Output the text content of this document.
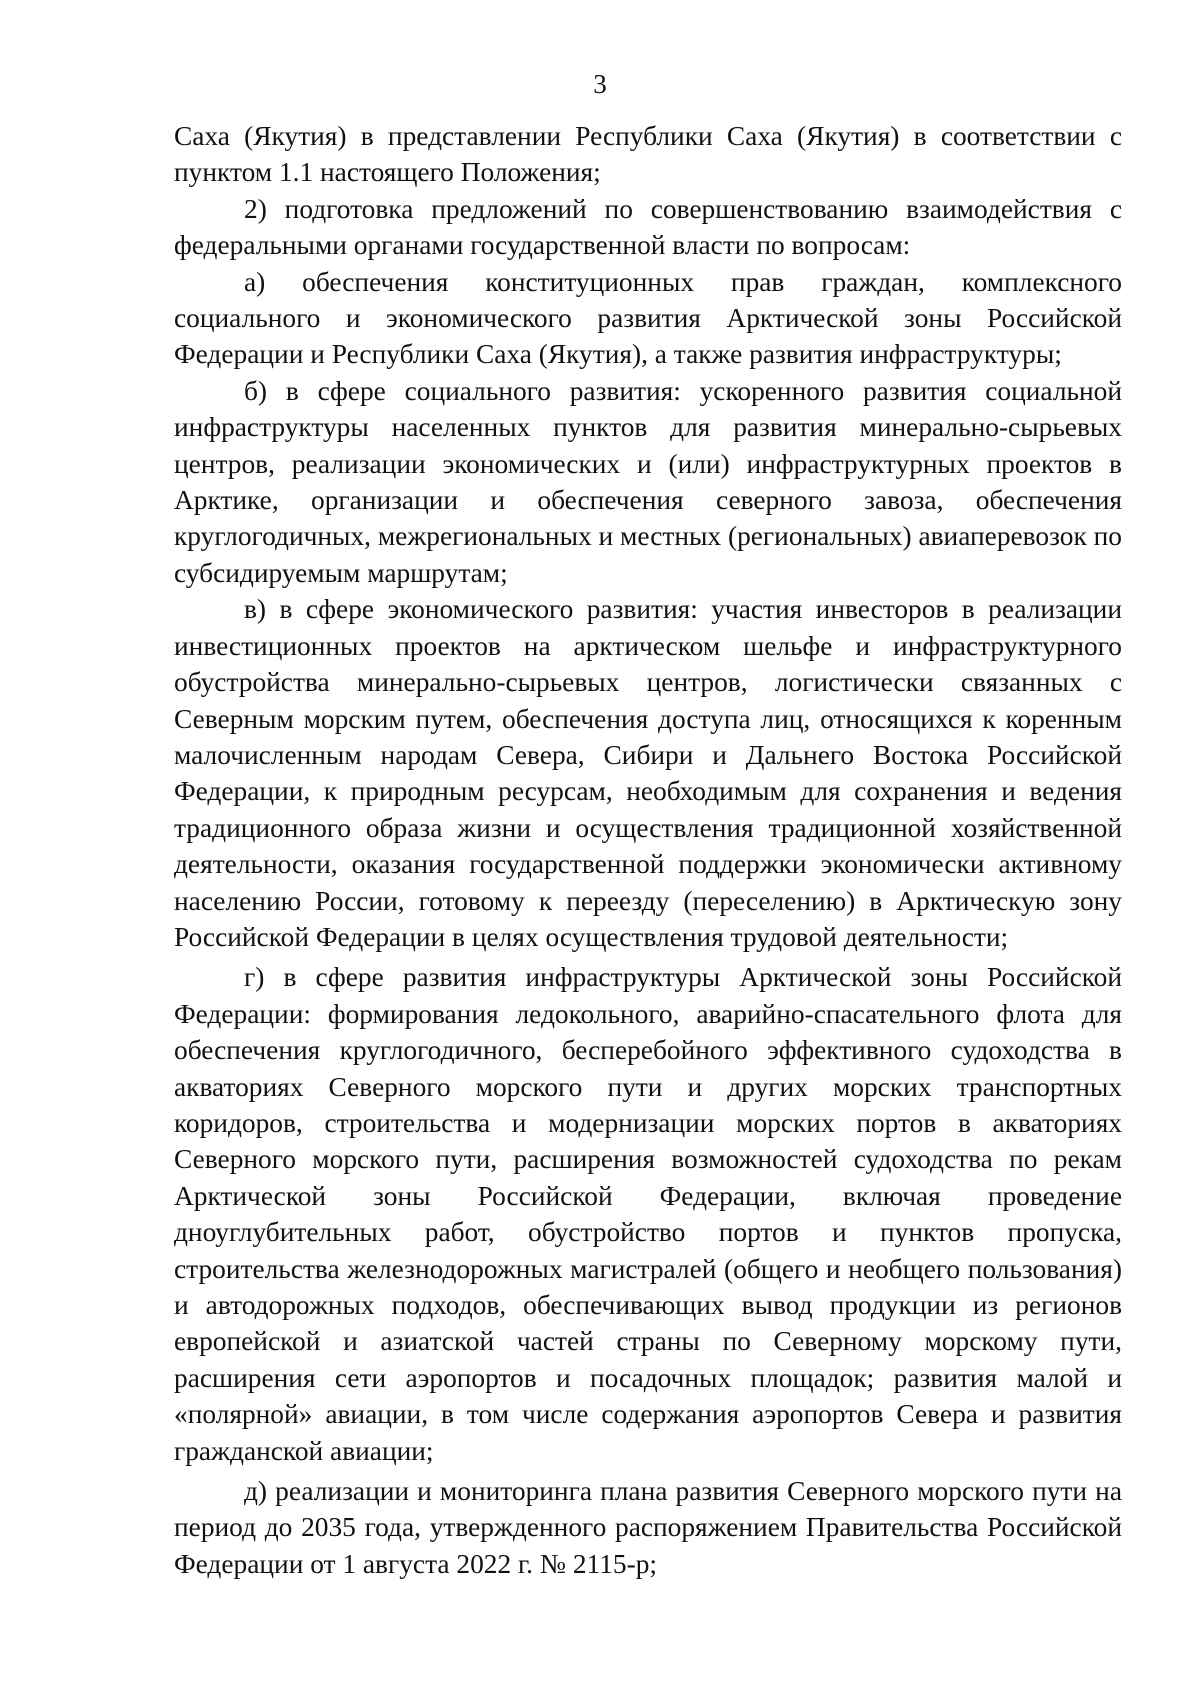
3

Саха (Якутия) в представлении Республики Саха (Якутия) в соответствии с пунктом 1.1 настоящего Положения;

2) подготовка предложений по совершенствованию взаимодействия с федеральными органами государственной власти по вопросам:

а) обеспечения конституционных прав граждан, комплексного социального и экономического развития Арктической зоны Российской Федерации и Республики Саха (Якутия), а также развития инфраструктуры;

б) в сфере социального развития: ускоренного развития социальной инфраструктуры населенных пунктов для развития минерально-сырьевых центров, реализации экономических и (или) инфраструктурных проектов в Арктике, организации и обеспечения северного завоза, обеспечения круглогодичных, межрегиональных и местных (региональных) авиаперевозок по субсидируемым маршрутам;

в) в сфере экономического развития: участия инвесторов в реализации инвестиционных проектов на арктическом шельфе и инфраструктурного обустройства минерально-сырьевых центров, логистически связанных с Северным морским путем, обеспечения доступа лиц, относящихся к коренным малочисленным народам Севера, Сибири и Дальнего Востока Российской Федерации, к природным ресурсам, необходимым для сохранения и ведения традиционного образа жизни и осуществления традиционной хозяйственной деятельности, оказания государственной поддержки экономически активному населению России, готовому к переезду (переселению) в Арктическую зону Российской Федерации в целях осуществления трудовой деятельности;

г) в сфере развития инфраструктуры Арктической зоны Российской Федерации: формирования ледокольного, аварийно-спасательного флота для обеспечения круглогодичного, бесперебойного эффективного судоходства в акваториях Северного морского пути и других морских транспортных коридоров, строительства и модернизации морских портов в акваториях Северного морского пути, расширения возможностей судоходства по рекам Арктической зоны Российской Федерации, включая проведение дноуглубительных работ, обустройство портов и пунктов пропуска, строительства железнодорожных магистралей (общего и необщего пользования) и автодорожных подходов, обеспечивающих вывод продукции из регионов европейской и азиатской частей страны по Северному морскому пути, расширения сети аэропортов и посадочных площадок; развития малой и «полярной» авиации, в том числе содержания аэропортов Севера и развития гражданской авиации;

д) реализации и мониторинга плана развития Северного морского пути на период до 2035 года, утвержденного распоряжением Правительства Российской Федерации от 1 августа 2022 г. № 2115-р;
